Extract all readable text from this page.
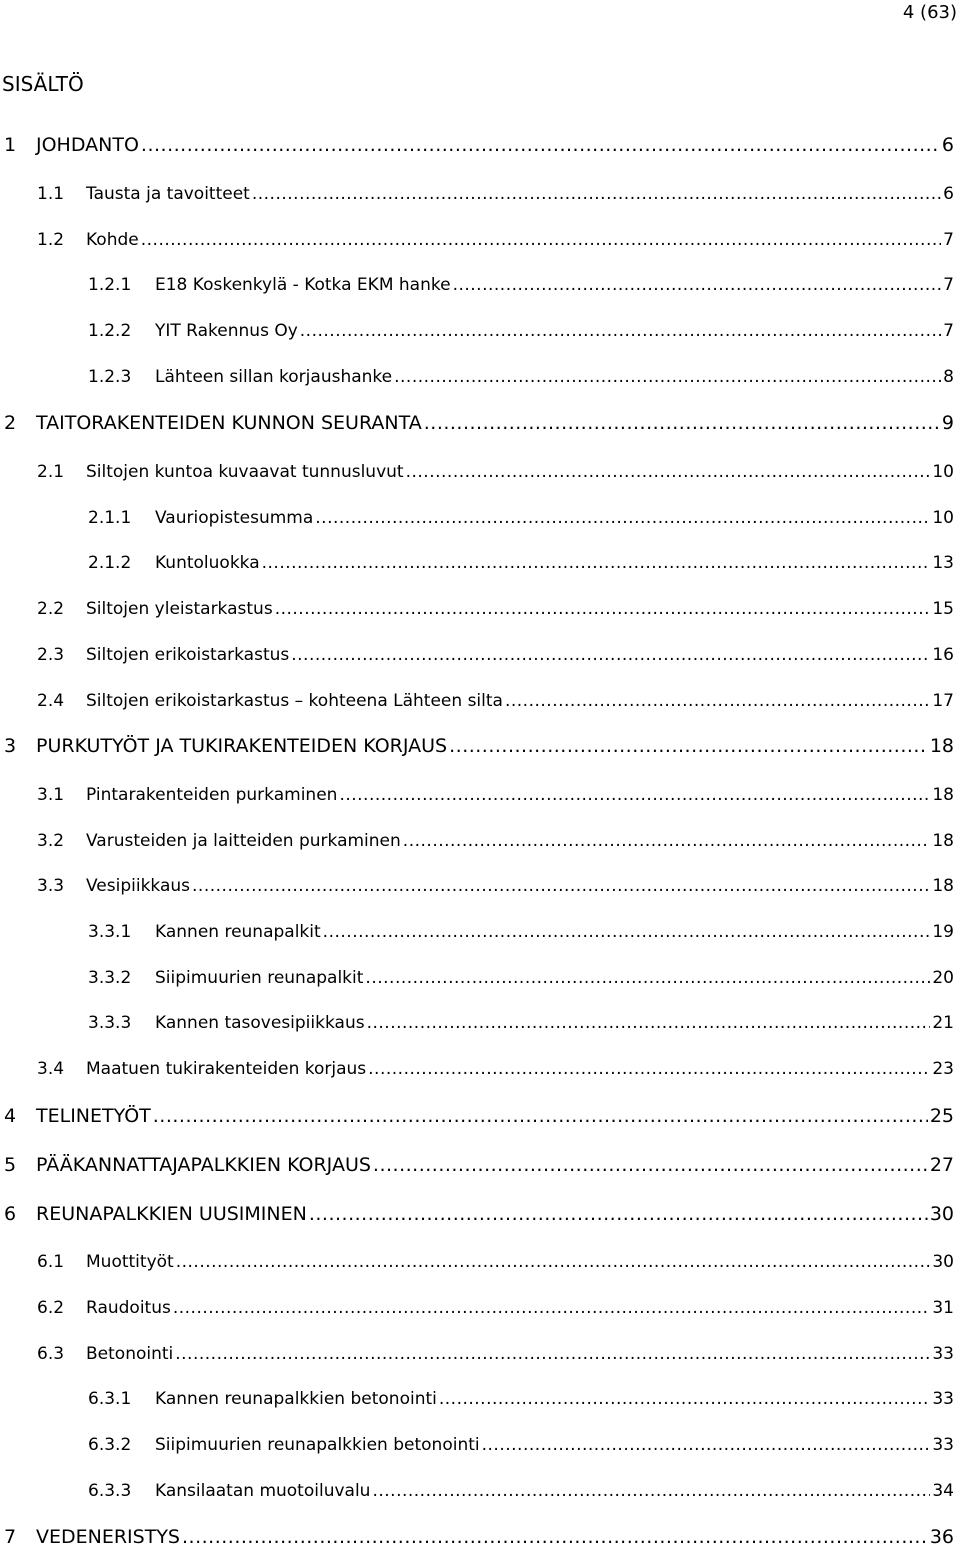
4 (63)
SISÄLTÖ
1	JOHDANTO .....	6
1.1	Tausta ja tavoitteet .....	6
1.2	Kohde .....	7
1.2.1	E18 Koskenkylä - Kotka EKM hanke .....	7
1.2.2	YIT Rakennus Oy .....	7
1.2.3	Lähteen sillan korjaushanke .....	8
2	TAITORAKENTEIDEN KUNNON SEURANTA .....	9
2.1	Siltojen kuntoa kuvaavat tunnusluvut .....	10
2.1.1	Vauriopistesumma .....	10
2.1.2	Kuntoluokka .....	13
2.2	Siltojen yleistarkastus .....	15
2.3	Siltojen erikoistarkastus .....	16
2.4	Siltojen erikoistarkastus – kohteena Lähteen silta .....	17
3	PURKUTYÖT JA TUKIRAKENTEIDEN KORJAUS .....	18
3.1	Pintarakenteiden purkaminen .....	18
3.2	Varusteiden ja laitteiden purkaminen .....	18
3.3	Vesipiikkaus .....	18
3.3.1	Kannen reunapalkit .....	19
3.3.2	Siipimuurien reunapalkit .....	20
3.3.3	Kannen tasovesipiikkaus .....	21
3.4	Maatuen tukirakenteiden korjaus .....	23
4	TELINETYÖT .....	25
5	PÄÄKANNATTAJAPALKKIEN KORJAUS .....	27
6	REUNAPALKKIEN UUSIMINEN .....	30
6.1	Muottityöt .....	30
6.2	Raudoitus .....	31
6.3	Betonointi .....	33
6.3.1	Kannen reunapalkkien betonointi .....	33
6.3.2	Siipimuurien reunapalkkien betonointi .....	33
6.3.3	Kansilaatan muotoiluvalu .....	34
7	VEDENERISTYS .....	36
